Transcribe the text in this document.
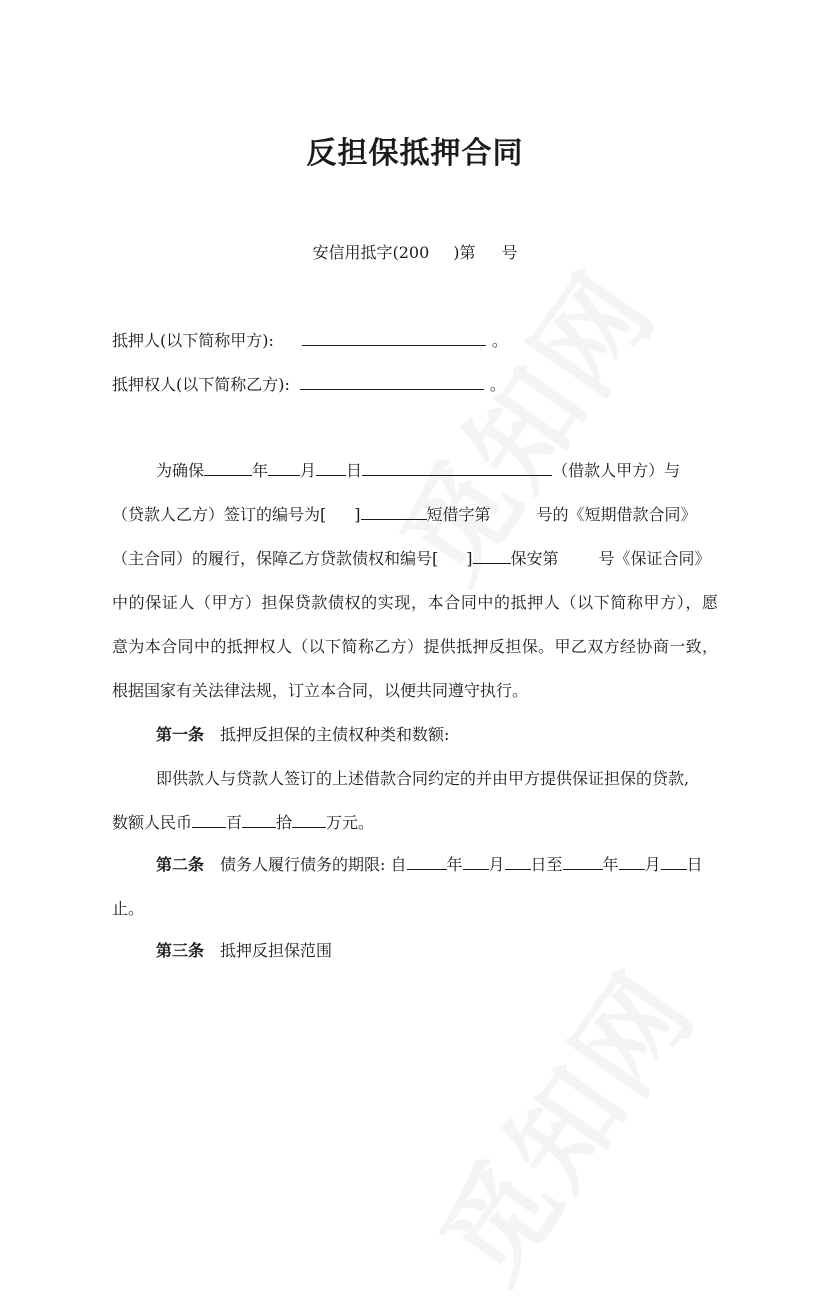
反担保抵押合同
安信用抵字(200 )第 号
抵押人(以下简称甲方):	。
抵押权人(以下简称乙方):	。
为确保	年 月 日	（借款人甲方）与
（贷款人乙方）签订的编号为[ ]	短借字第	号的《短期借款合同》
（主合同）的履行，保障乙方贷款债权和编号[ ] 保安第	号《保证合同》
中的保证人（甲方）担保贷款债权的实现，本合同中的抵押人（以下简称甲方），愿
意为本合同中的抵押权人（以下简称乙方）提供抵押反担保。甲乙双方经协商一致，
根据国家有关法律法规，订立本合同，以便共同遵守执行。
第一条 抵押反担保的主债权种类和数额:
即供款人与贷款人签订的上述借款合同约定的并由甲方提供保证担保的贷款,
数额人民币 百 拾 万元。
第二条 债务人履行债务的期限: 自	年 月 日至	年 月 日
止。
第三条 抵押反担保范围
